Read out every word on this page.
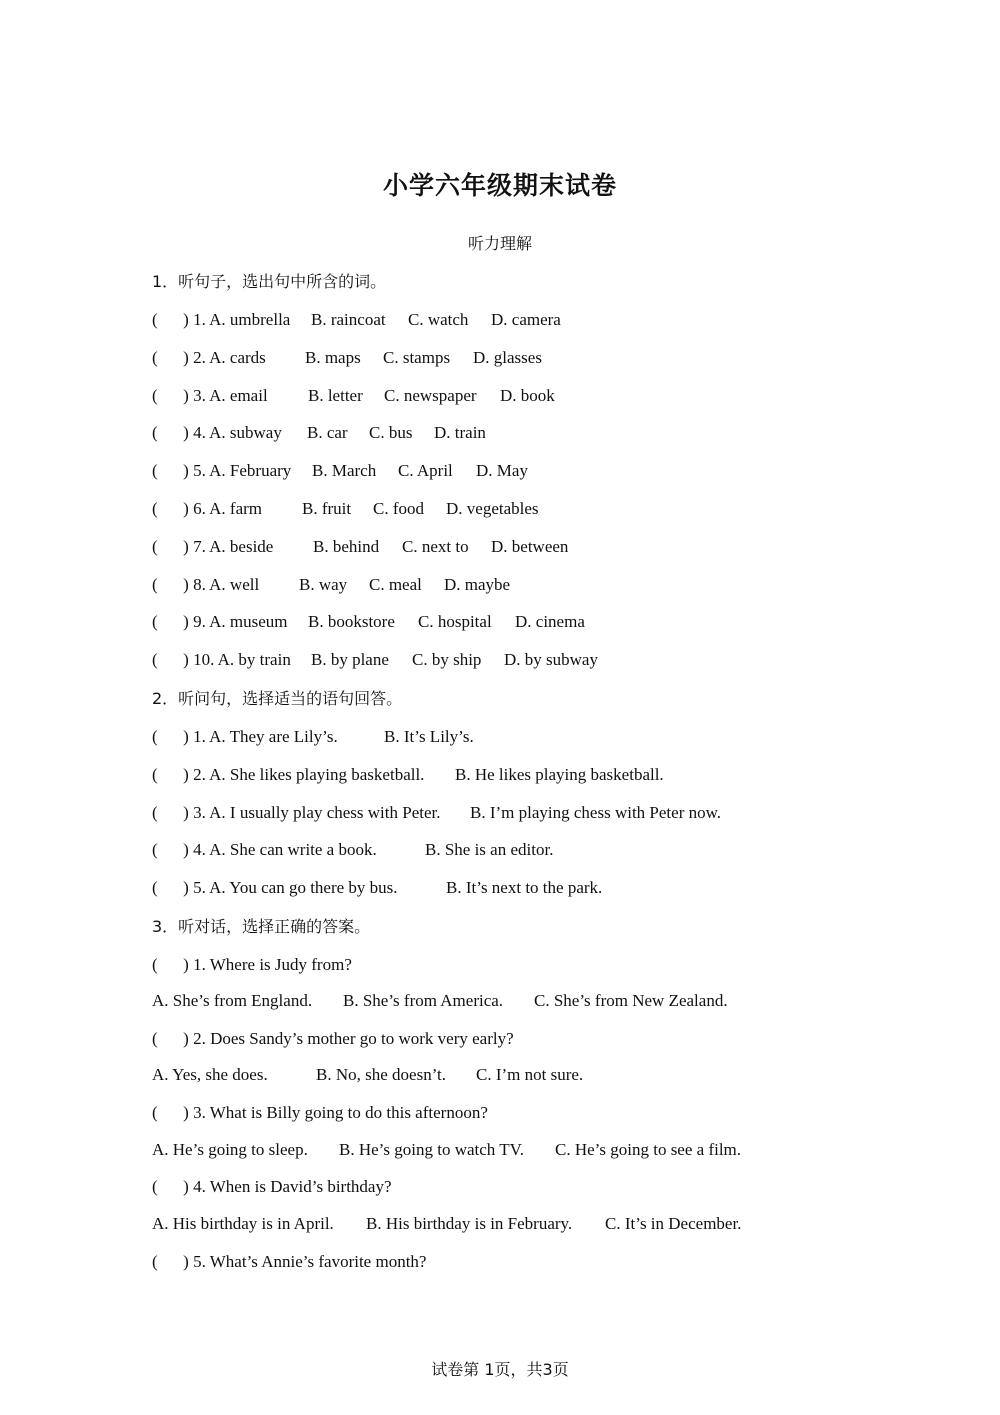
小学六年级期末试卷
听力理解
1．听句子，选出句中所含的词。

(      ) 1. A. umbrella

B. raincoat

C. watch

D. camera

(      ) 2. A. cards

B. maps

C. stamps

D. glasses

(      ) 3. A. email

B. letter

C. newspaper

D. book

(      ) 4. A. subway

B. car

C. bus

D. train

(      ) 5. A. February

B. March

C. April

D. May

(      ) 6. A. farm

B. fruit

C. food

D. vegetables

(      ) 7. A. beside

B. behind

C. next to

D. between

(      ) 8. A. well

B. way

C. meal

D. maybe

(      ) 9. A. museum

B. bookstore

C. hospital

D. cinema

(      ) 10. A. by train

B. by plane

C. by ship

D. by subway

2．听问句，选择适当的语句回答。

(      ) 1. A. They are Lily’s.

	B. It’s Lily’s.

(      ) 2. A. She likes playing basketball.

B. He likes playing basketball.

(      ) 3. A. I usually play chess with Peter.

B. I’m playing chess with Peter now.

(      ) 4. A. She can write a book.

	B. She is an editor.

(      ) 5. A. You can go there by bus.

	B. It’s next to the park.

3．听对话，选择正确的答案。
(      ) 1. Where is Judy from?

A. She’s from England.

B. She’s from America.

C. She’s from New Zealand.

(      ) 2. Does Sandy’s mother go to work very early?

A. Yes, she does.

	B. No, she doesn’t.

C. I’m not sure.

(      ) 3. What is Billy going to do this afternoon?

A. He’s going to sleep.

B. He’s going to watch TV.

C. He’s going to see a film.

(      ) 4. When is David’s birthday?

A. His birthday is in April.

B. His birthday is in February.

C. It’s in December.

(      ) 5. What’s Annie’s favorite month?
试卷第 1页，共3页
